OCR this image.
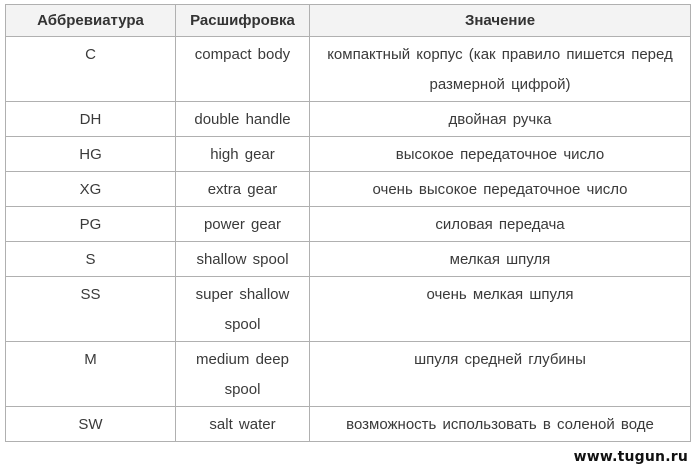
Аббревиатура	Расшифровка	Значение
C	compact body	компактный корпус (как правило пишется перед размерной цифрой)
DH	double handle	двойная ручка
HG	high gear	высокое передаточное число
XG	extra gear	очень высокое передаточное число
PG	power gear	силовая передача
S	shallow spool	мелкая шпуля
SS	super shallow spool	очень мелкая шпуля
M	medium deep spool	шпуля средней глубины
SW	salt water	возможность использовать в соленой воде
www.tugun.ru
